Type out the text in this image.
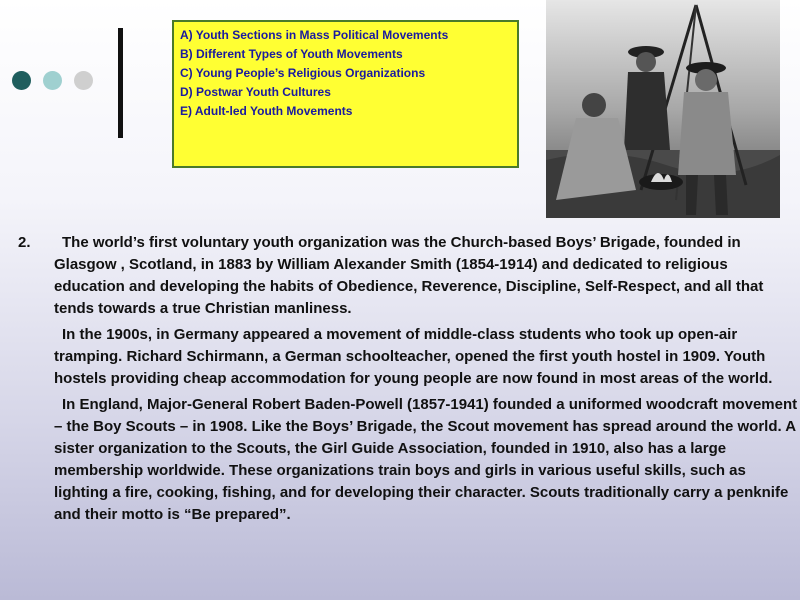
A) Youth Sections in Mass Political Movements
B) Different Types of Youth Movements
C) Young People’s Religious Organizations
D) Postwar Youth Cultures
E) Adult-led Youth Movements

2. The world’s first voluntary youth organization was the Church-based Boys’ Brigade, founded in Glasgow , Scotland, in 1883 by William Alexander Smith (1854-1914) and dedicated to religious education and developing the habits of Obedience, Reverence, Discipline, Self-Respect, and all that tends towards a true Christian manliness.

In the 1900s, in Germany appeared a movement of middle-class students who took up open-air tramping. Richard Schirmann, a German schoolteacher, opened the first youth hostel in 1909. Youth hostels providing cheap accommodation for young people are now found in most areas of the world.

In England, Major-General Robert Baden-Powell (1857-1941) founded a uniformed woodcraft movement – the Boy Scouts – in 1908. Like the Boys’ Brigade, the Scout movement has spread around the world. A sister organization to the Scouts, the Girl Guide Association, founded in 1910, also has a large membership worldwide. These organizations train boys and girls in various useful skills, such as lighting a fire, cooking, fishing, and for developing their character. Scouts traditionally carry a penknife and their motto is “Be prepared”.
